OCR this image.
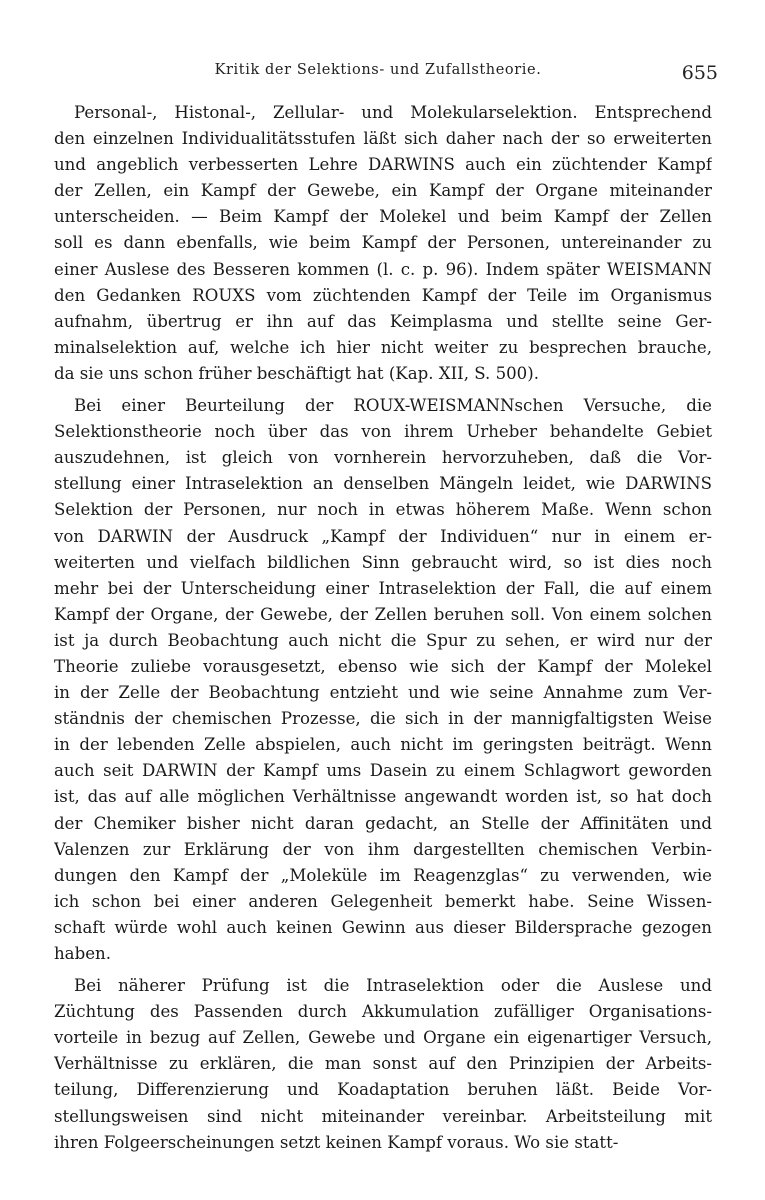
Kritik der Selektions- und Zufallstheorie.	655
Personal-, Histonal-, Zellular- und Molekularselektion. Entsprechend
den einzelnen Individualitätsstufen läßt sich daher nach der so erweiterten
und angeblich verbesserten Lehre DARWINS auch ein züchtender Kampf
der Zellen, ein Kampf der Gewebe, ein Kampf der Organe miteinander
unterscheiden. — Beim Kampf der Molekel und beim Kampf der Zellen
soll es dann ebenfalls, wie beim Kampf der Personen, untereinander zu
einer Auslese des Besseren kommen (l. c. p. 96). Indem später WEISMANN
den Gedanken ROUXS vom züchtenden Kampf der Teile im Organismus
aufnahm, übertrug er ihn auf das Keimplasma und stellte seine Ger-
minalselektion auf, welche ich hier nicht weiter zu besprechen brauche,
da sie uns schon früher beschäftigt hat (Kap. XII, S. 500).
Bei einer Beurteilung der ROUX-WEISMANNschen Versuche, die
Selektionstheorie noch über das von ihrem Urheber behandelte Gebiet
auszudehnen, ist gleich von vornherein hervorzuheben, daß die Vor-
stellung einer Intraselektion an denselben Mängeln leidet, wie DARWINS
Selektion der Personen, nur noch in etwas höherem Maße. Wenn schon
von DARWIN der Ausdruck „Kampf der Individuen“ nur in einem er-
weiterten und vielfach bildlichen Sinn gebraucht wird, so ist dies noch
mehr bei der Unterscheidung einer Intraselektion der Fall, die auf einem
Kampf der Organe, der Gewebe, der Zellen beruhen soll. Von einem solchen
ist ja durch Beobachtung auch nicht die Spur zu sehen, er wird nur der
Theorie zuliebe vorausgesetzt, ebenso wie sich der Kampf der Molekel
in der Zelle der Beobachtung entzieht und wie seine Annahme zum Ver-
ständnis der chemischen Prozesse, die sich in der mannigfaltigsten Weise
in der lebenden Zelle abspielen, auch nicht im geringsten beiträgt. Wenn
auch seit DARWIN der Kampf ums Dasein zu einem Schlagwort geworden
ist, das auf alle möglichen Verhältnisse angewandt worden ist, so hat doch
der Chemiker bisher nicht daran gedacht, an Stelle der Affinitäten und
Valenzen zur Erklärung der von ihm dargestellten chemischen Verbin-
dungen den Kampf der „Moleküle im Reagenzglas“ zu verwenden, wie
ich schon bei einer anderen Gelegenheit bemerkt habe. Seine Wissen-
schaft würde wohl auch keinen Gewinn aus dieser Bildersprache gezogen
haben.
Bei näherer Prüfung ist die Intraselektion oder die Auslese und
Züchtung des Passenden durch Akkumulation zufälliger Organisations-
vorteile in bezug auf Zellen, Gewebe und Organe ein eigenartiger Versuch,
Verhältnisse zu erklären, die man sonst auf den Prinzipien der Arbeits-
teilung, Differenzierung und Koadaptation beruhen läßt. Beide Vor-
stellungsweisen sind nicht miteinander vereinbar. Arbeitsteilung mit
ihren Folgeerscheinungen setzt keinen Kampf voraus. Wo sie statt-
